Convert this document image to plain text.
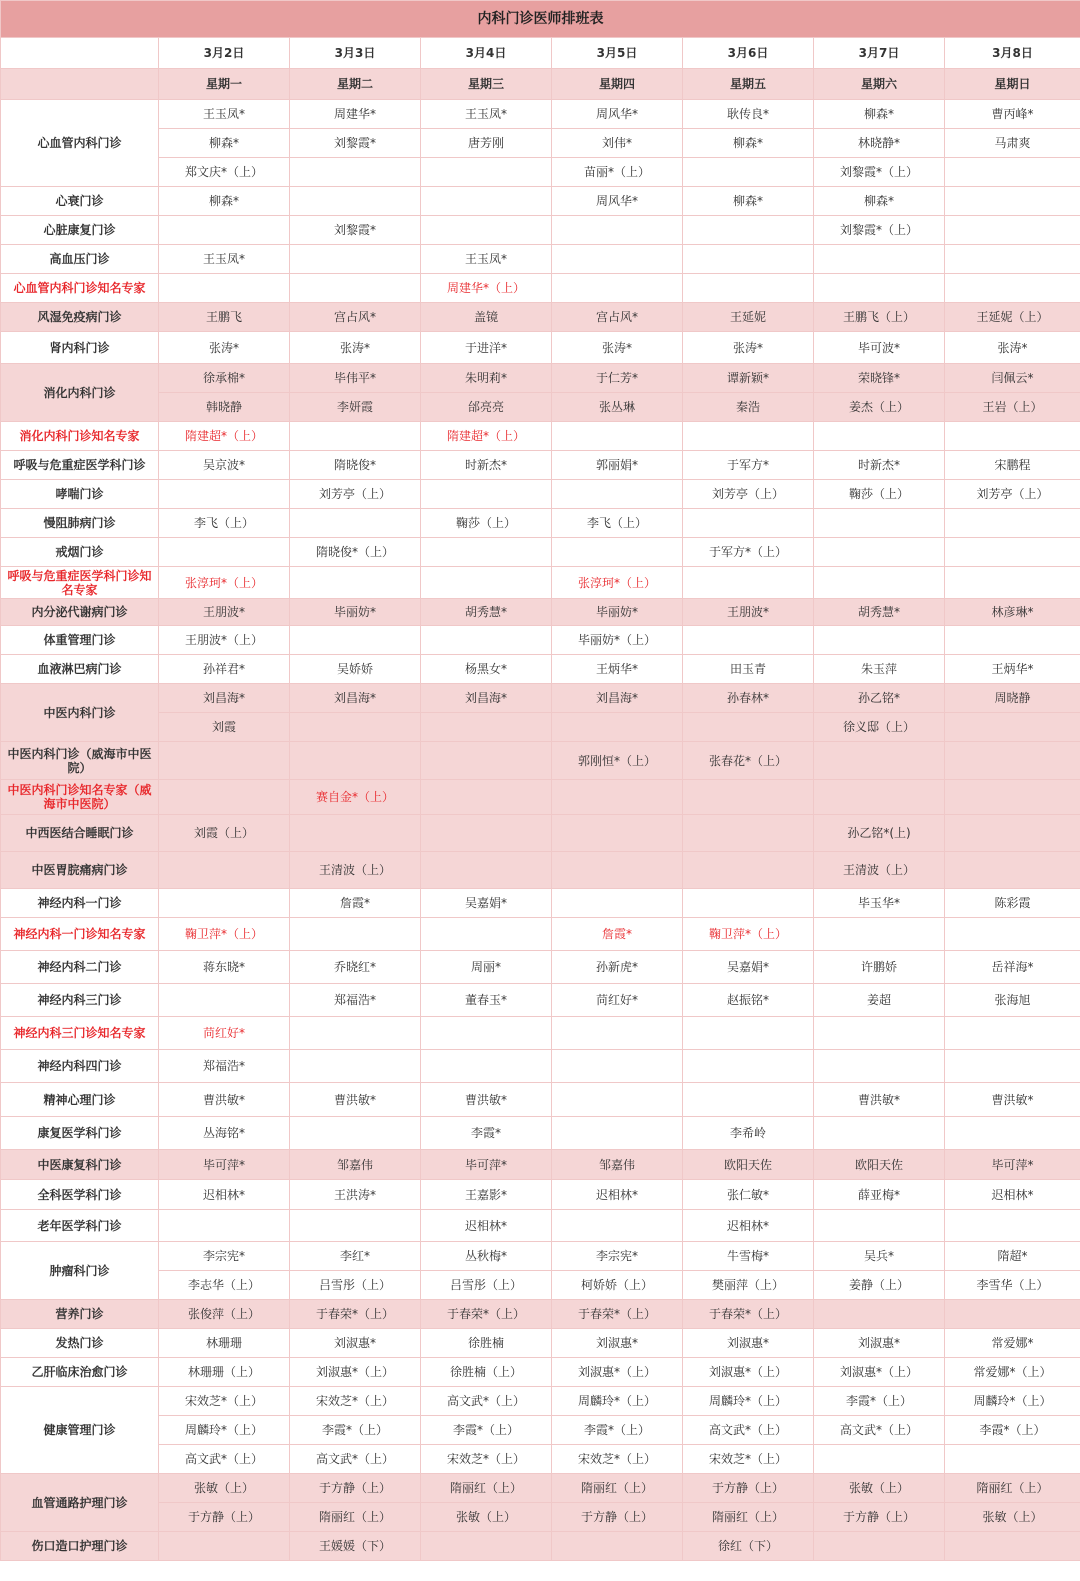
内科门诊医师排班表							
	3月2日	3月3日	3月4日	3月5日	3月6日	3月7日	3月8日
	星期一	星期二	星期三	星期四	星期五	星期六	星期日
心血管内科门诊	王玉凤*	周建华*	王玉凤*	周风华*	耿传良*	柳森*	曹丙峰*
	柳森*	刘黎霞*	唐芳刚	刘伟*	柳森*	林晓静*	马肃爽
	郑文庆*（上）			苗丽*（上）		刘黎霞*（上）	
心衰门诊	柳森*			周风华*	柳森*	柳森*	
心脏康复门诊		刘黎霞*				刘黎霞*（上）	
高血压门诊	王玉凤*		王玉凤*				
心血管内科门诊知名专家			周建华*（上）				
风湿免疫病门诊	王鹏飞	宫占风*	盖镜	宫占风*	王延妮	王鹏飞（上）	王延妮（上）
肾内科门诊	张涛*	张涛*	于进洋*	张涛*	张涛*	毕可波*	张涛*
消化内科门诊	徐承棉*	毕伟平*	朱明莉*	于仁芳*	谭新颖*	荣晓锋*	闫佩云*
	韩晓静	李妍霞	邰亮亮	张丛琳	秦浩	姜杰（上）	王岩（上）
消化内科门诊知名专家	隋建超*（上）		隋建超*（上）				
呼吸与危重症医学科门诊	吴京波*	隋晓俊*	时新杰*	郭丽娟*	于军方*	时新杰*	宋鹏程
哮喘门诊		刘芳亭（上）			刘芳亭（上）	鞠莎（上）	刘芳亭（上）
慢阻肺病门诊	李飞（上）		鞠莎（上）	李飞（上）			
戒烟门诊		隋晓俊*（上）			于军方*（上）		
呼吸与危重症医学科门诊知名专家	张淳珂*（上）			张淳珂*（上）			
内分泌代谢病门诊	王朋波*	毕丽妨*	胡秀慧*	毕丽妨*	王朋波*	胡秀慧*	林彦琳*
体重管理门诊	王朋波*（上）			毕丽妨*（上）			
血液淋巴病门诊	孙祥君*	吴娇娇	杨黑女*	王炳华*	田玉青	朱玉萍	王炳华*
中医内科门诊	刘昌海*	刘昌海*	刘昌海*	刘昌海*	孙春林*	孙乙铭*	周晓静
	刘霞					徐义邸（上）	
中医内科门诊（威海市中医院）				郭刚恒*（上）	张春花*（上）		
中医内科门诊知名专家（威海市中医院）		赛自金*（上）					
中西医结合睡眠门诊	刘霞（上）					孙乙铭*(上)	
中医胃脘痛病门诊		王清波（上）				王清波（上）	
神经内科一门诊		詹霞*	吴嘉娟*			毕玉华*	陈彩霞
神经内科一门诊知名专家	鞠卫萍*（上）			詹霞*	鞠卫萍*（上）		
神经内科二门诊	蒋东晓*	乔晓红*	周丽*	孙新虎*	吴嘉娟*	许鹏娇	岳祥海*
神经内科三门诊		郑福浩*	董春玉*	苘红好*	赵振铭*	姜超	张海旭
神经内科三门诊知名专家	苘红好*						
神经内科四门诊	郑福浩*						
精神心理门诊	曹洪敏*	曹洪敏*	曹洪敏*			曹洪敏*	曹洪敏*
康复医学科门诊	丛海铭*		李霞*		李希岭		
中医康复科门诊	毕可萍*	邹嘉伟	毕可萍*	邹嘉伟	欧阳天佐	欧阳天佐	毕可萍*
全科医学科门诊	迟相林*	王洪涛*	王嘉影*	迟相林*	张仁敏*	薛亚梅*	迟相林*
老年医学科门诊			迟相林*		迟相林*		
肿瘤科门诊	李宗宪*	李红*	丛秋梅*	李宗宪*	牛雪梅*	吴兵*	隋超*
	李志华（上）	吕雪彤（上）	吕雪彤（上）	柯娇娇（上）	樊丽萍（上）	姜静（上）	李雪华（上）
营养门诊	张俊萍（上）	于春荣*（上）	于春荣*（上）	于春荣*（上）	于春荣*（上）		
发热门诊	林珊珊	刘淑惠*	徐胜楠	刘淑惠*	刘淑惠*	刘淑惠*	常爱娜*
乙肝临床治愈门诊	林珊珊（上）	刘淑惠*（上）	徐胜楠（上）	刘淑惠*（上）	刘淑惠*（上）	刘淑惠*（上）	常爱娜*（上）
健康管理门诊	宋效芝*（上）	宋效芝*（上）	高文武*（上）	周麟玲*（上）	周麟玲*（上）	李霞*（上）	周麟玲*（上）
	周麟玲*（上）	李霞*（上）	李霞*（上）	李霞*（上）	高文武*（上）	高文武*（上）	李霞*（上）
	高文武*（上）	高文武*（上）	宋效芝*（上）	宋效芝*（上）	宋效芝*（上）		
血管通路护理门诊	张敏（上）	于方静（上）	隋丽红（上）	隋丽红（上）	于方静（上）	张敏（上）	隋丽红（上）
	于方静（上）	隋丽红（上）	张敏（上）	于方静（上）	隋丽红（上）	于方静（上）	张敏（上）
伤口造口护理门诊		王媛媛（下）			徐红（下）		
